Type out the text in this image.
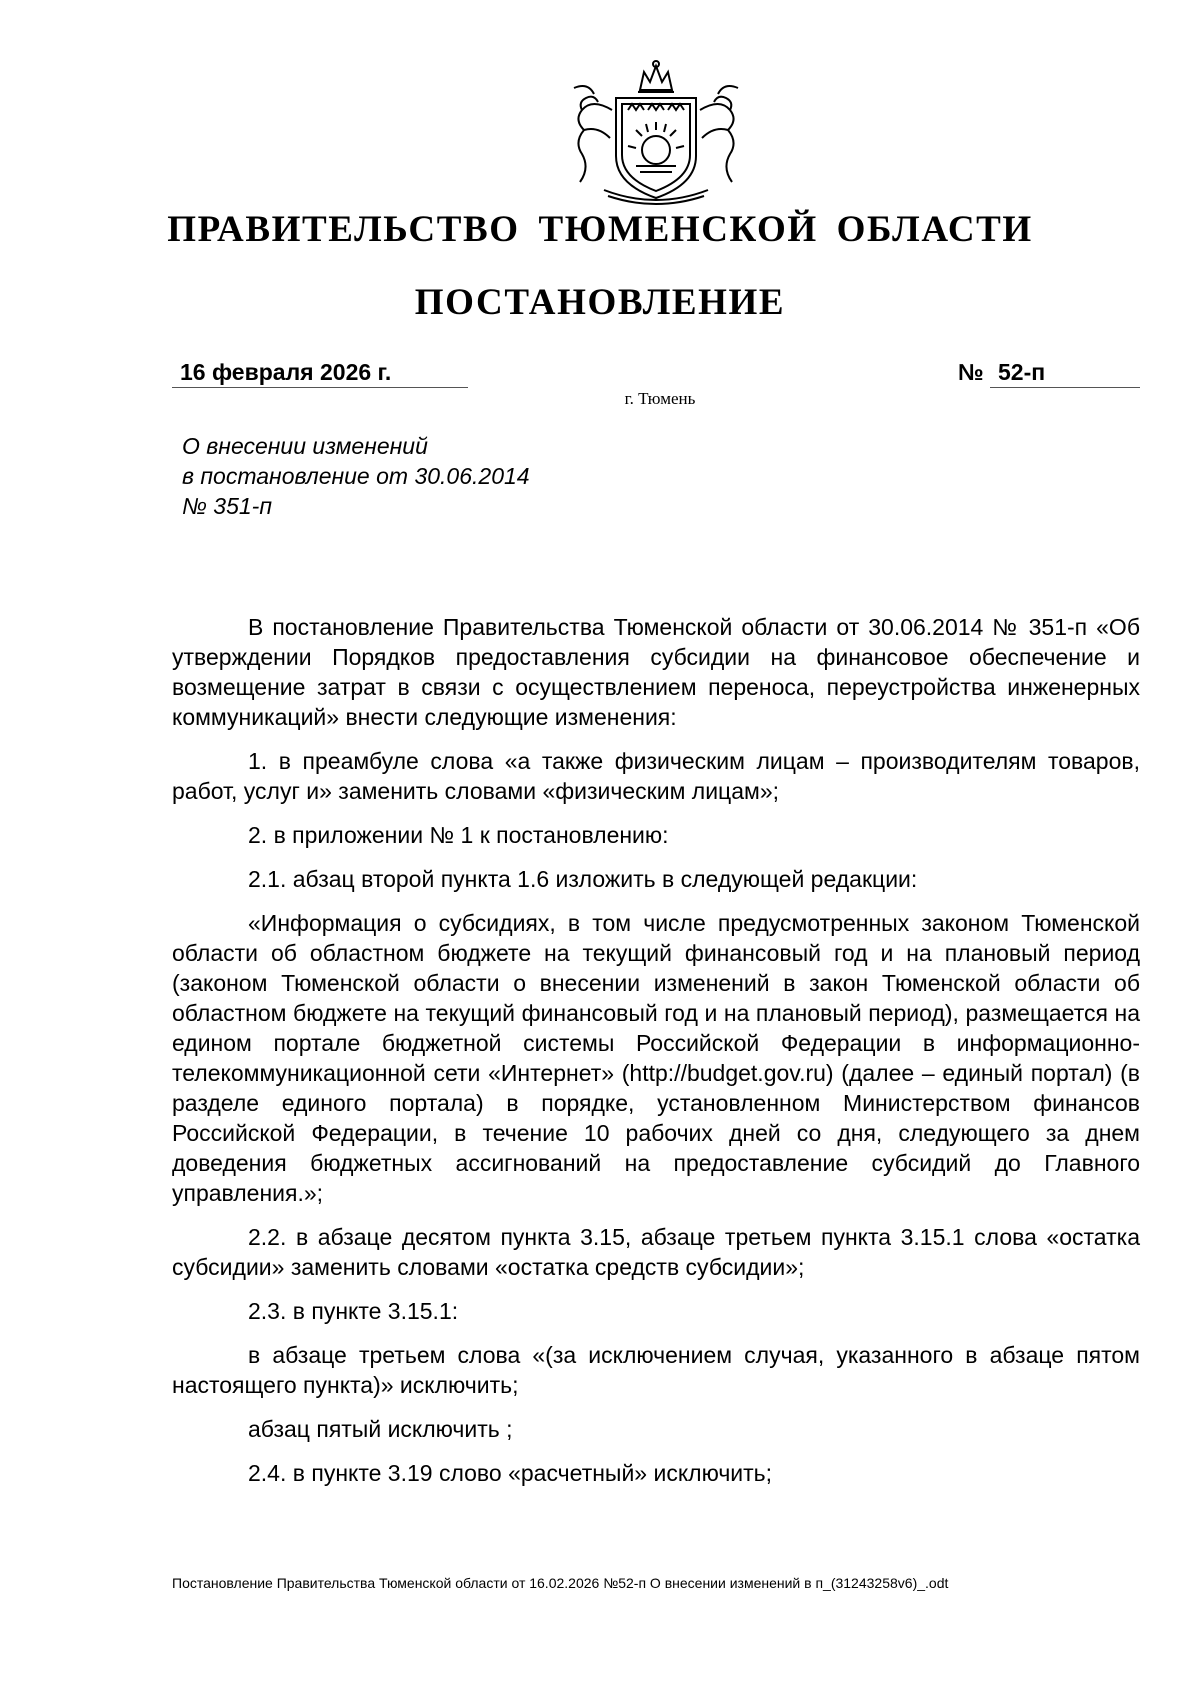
ПРАВИТЕЛЬСТВО ТЮМЕНСКОЙ ОБЛАСТИ
ПОСТАНОВЛЕНИЕ
16 февраля 2026 г.	№ 52-п
г. Тюмень
О внесении изменений
в постановление от 30.06.2014
№ 351-п

В постановление Правительства Тюменской области от 30.06.2014 № 351-п «Об утверждении Порядков предоставления субсидии на финансовое обеспечение и возмещение затрат в связи с осуществлением переноса, переустройства инженерных коммуникаций» внести следующие изменения:

1. в преамбуле слова «а также физическим лицам – производителям товаров, работ, услуг и» заменить словами «физическим лицам»;

2. в приложении № 1 к постановлению:

2.1. абзац второй пункта 1.6 изложить в следующей редакции:

«Информация о субсидиях, в том числе предусмотренных законом Тюменской области об областном бюджете на текущий финансовый год и на плановый период (законом Тюменской области о внесении изменений в закон Тюменской области об областном бюджете на текущий финансовый год и на плановый период), размещается на едином портале бюджетной системы Российской Федерации в информационно-телекоммуникационной сети «Интернет» (http://budget.gov.ru) (далее – единый портал) (в разделе единого портала) в порядке, установленном Министерством финансов Российской Федерации, в течение 10 рабочих дней со дня, следующего за днем доведения бюджетных ассигнований на предоставление субсидий до Главного управления.»;

2.2. в абзаце десятом пункта 3.15, абзаце третьем пункта 3.15.1 слова «остатка субсидии» заменить словами «остатка средств субсидии»;

2.3. в пункте 3.15.1:

в абзаце третьем слова «(за исключением случая, указанного в абзаце пятом настоящего пункта)» исключить;

абзац пятый исключить ;

2.4. в пункте 3.19 слово «расчетный» исключить;

Постановление Правительства Тюменской области от 16.02.2026 №52-п О внесении изменений в п_(31243258v6)_.odt
